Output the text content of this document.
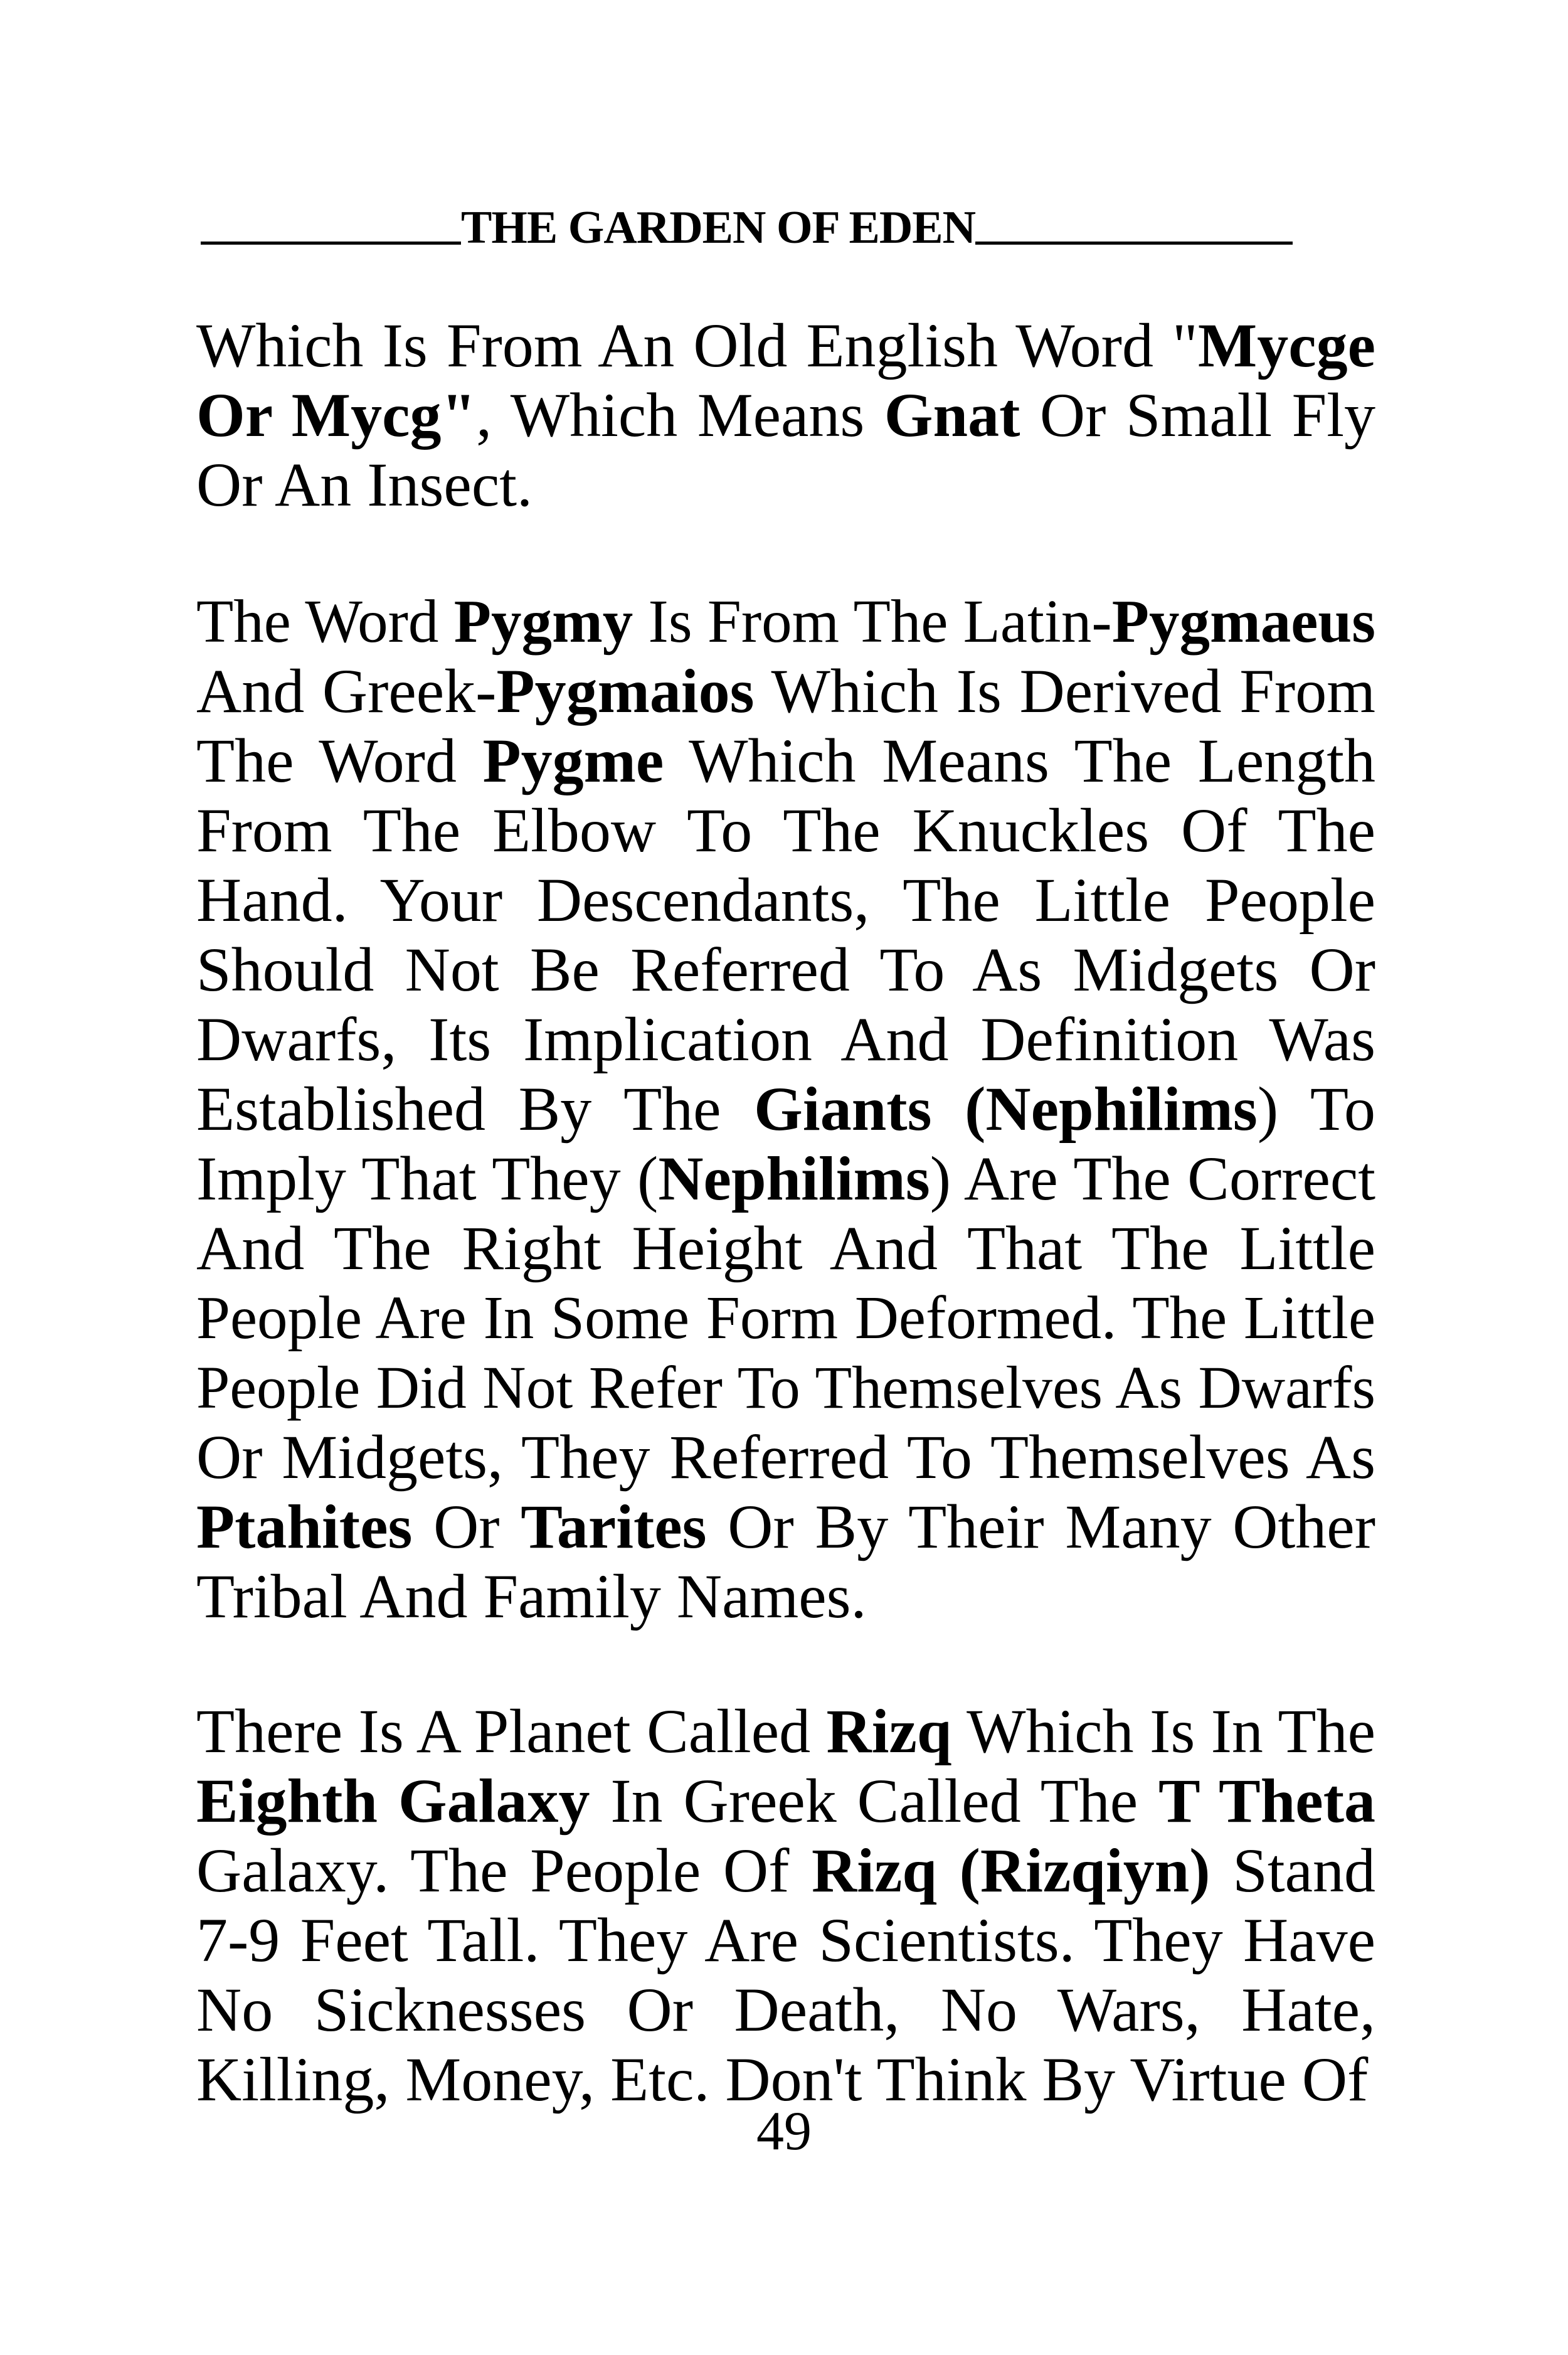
THE GARDEN OF EDEN
Which Is From An Old English Word "Mycge
Or Mycg", Which Means Gnat Or Small Fly
Or An Insect.
The Word Pygmy Is From The Latin-Pygmaeus
And Greek-Pygmaios Which Is Derived From
The Word Pygme Which Means The Length
From The Elbow To The Knuckles Of The
Hand. Your Descendants, The Little People
Should Not Be Referred To As Midgets Or
Dwarfs, Its Implication And Definition Was
Established By The Giants (Nephilims) To
Imply That They (Nephilims) Are The Correct
And The Right Height And That The Little
People Are In Some Form Deformed. The Little
People Did Not Refer To Themselves As Dwarfs
Or Midgets, They Referred To Themselves As
Ptahites Or Tarites Or By Their Many Other
Tribal And Family Names.
There Is A Planet Called Rizq Which Is In The
Eighth Galaxy In Greek Called The T Theta
Galaxy. The People Of Rizq (Rizqiyn) Stand
7-9 Feet Tall. They Are Scientists. They Have
No Sicknesses Or Death, No Wars, Hate,
Killing, Money, Etc. Don't Think By Virtue Of
49
